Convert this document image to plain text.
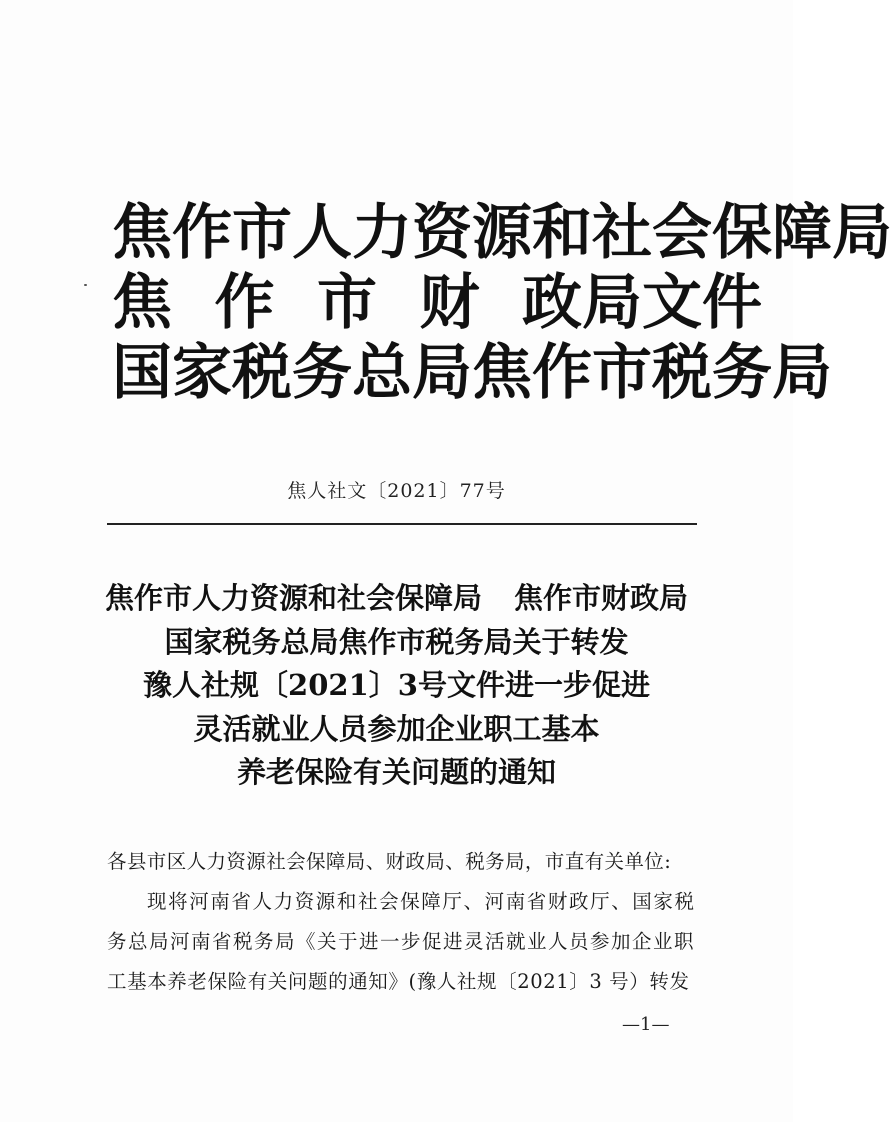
焦作市人力资源和社会保障局
焦 作 市 财 政 局文件
国家税务总局焦作市税务局
焦人社文〔2021〕77号
焦作市人力资源和社会保障局 焦作市财政局
国家税务总局焦作市税务局关于转发
豫人社规〔2021〕3号文件进一步促进
灵活就业人员参加企业职工基本
养老保险有关问题的通知
各县市区人力资源社会保障局、财政局、税务局，市直有关单位:
现将河南省人力资源和社会保障厅、河南省财政厅、国家税
务总局河南省税务局《关于进一步促进灵活就业人员参加企业职
工基本养老保险有关问题的通知》(豫人社规〔2021〕3 号）转发
—1—
